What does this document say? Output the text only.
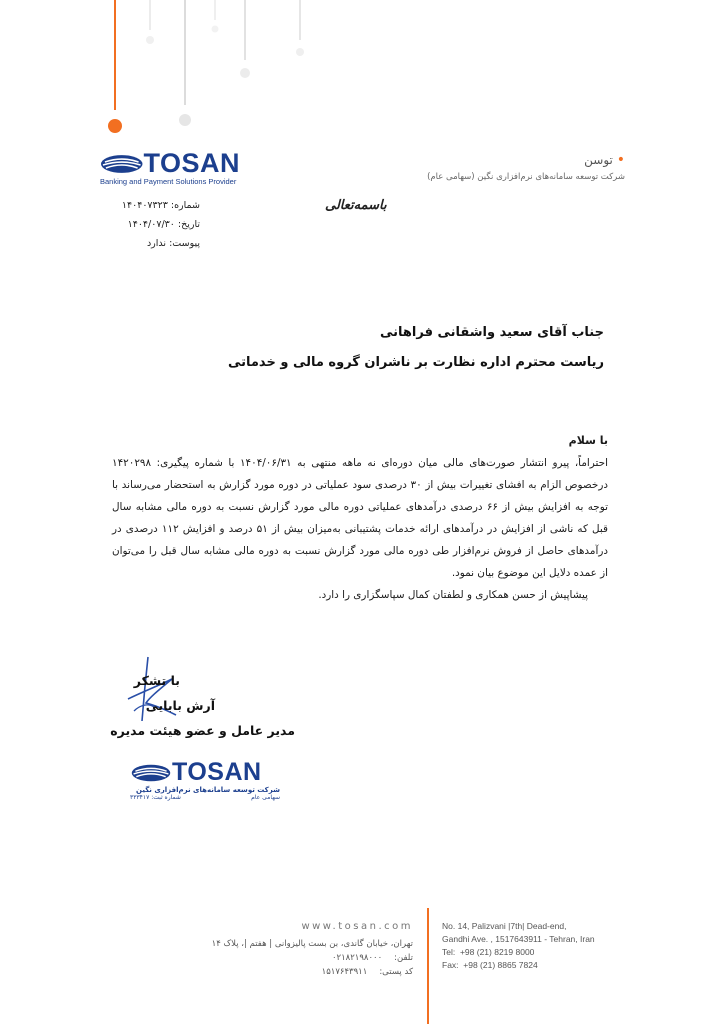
TOSAN
Banking and Payment Solutions Provider
• توسن
شرکت توسعه سامانه‌های نرم‌افزاری نگین (سهامی عام)
شماره: ۱۴۰۴۰۷۳۲۳
تاریخ: ۱۴۰۴/۰۷/۳۰
پیوست: ندارد
باسمه‌تعالی
جناب آقای سعید واشقانی فراهانی
ریاست محترم اداره نظارت بر ناشران گروه مالی و خدماتی
با سلام

احتراماً، پیرو انتشار صورت‌های مالی میان دوره‌ای نه ماهه منتهی به ۱۴۰۴/۰۶/۳۱ با شماره پیگیری: ۱۴۲۰۲۹۸ درخصوص الزام به افشای تغییرات بیش از ۳۰ درصدی سود عملیاتی در دوره مورد گزارش به استحضار می‌رساند با توجه به افزایش بیش از ۶۶ درصدی درآمدهای عملیاتی دوره مالی مورد گزارش نسبت به دوره مالی مشابه سال قبل که ناشی از افزایش در درآمدهای ارائه خدمات پشتیبانی به‌میزان بیش از ۵۱ درصد و افزایش ۱۱۲ درصدی در درآمدهای حاصل از فروش نرم‌افزار طی دوره مالی مورد گزارش نسبت به دوره مالی مشابه سال قبل را می‌توان از عمده دلایل این موضوع بیان نمود.

پیشاپیش از حسن همکاری و لطفتان کمال سپاسگزاری را دارد.

با تشکر
آرش بابایی
مدیر عامل و عضو هیئت مدیره
TOSAN
شرکت توسعه سامانه‌های نرم‌افزاری نگین
سهامی عام
شماره ثبت: ۳۳۳۴۱۷
www.tosan.com
تهران، خیابان گاندی، بن بست پالیزوانی | هفتم |، پلاک ۱۴
تلفن:
۰۲۱۸۲۱۹۸۰۰۰
کد پستی:
۱۵۱۷۶۴۳۹۱۱
No. 14, Palizvani |7th| Dead-end,
Gandhi Ave. , 1517643911 - Tehran, Iran
Tel: +98 (21) 8219 8000
Fax: +98 (21) 8865 7824
